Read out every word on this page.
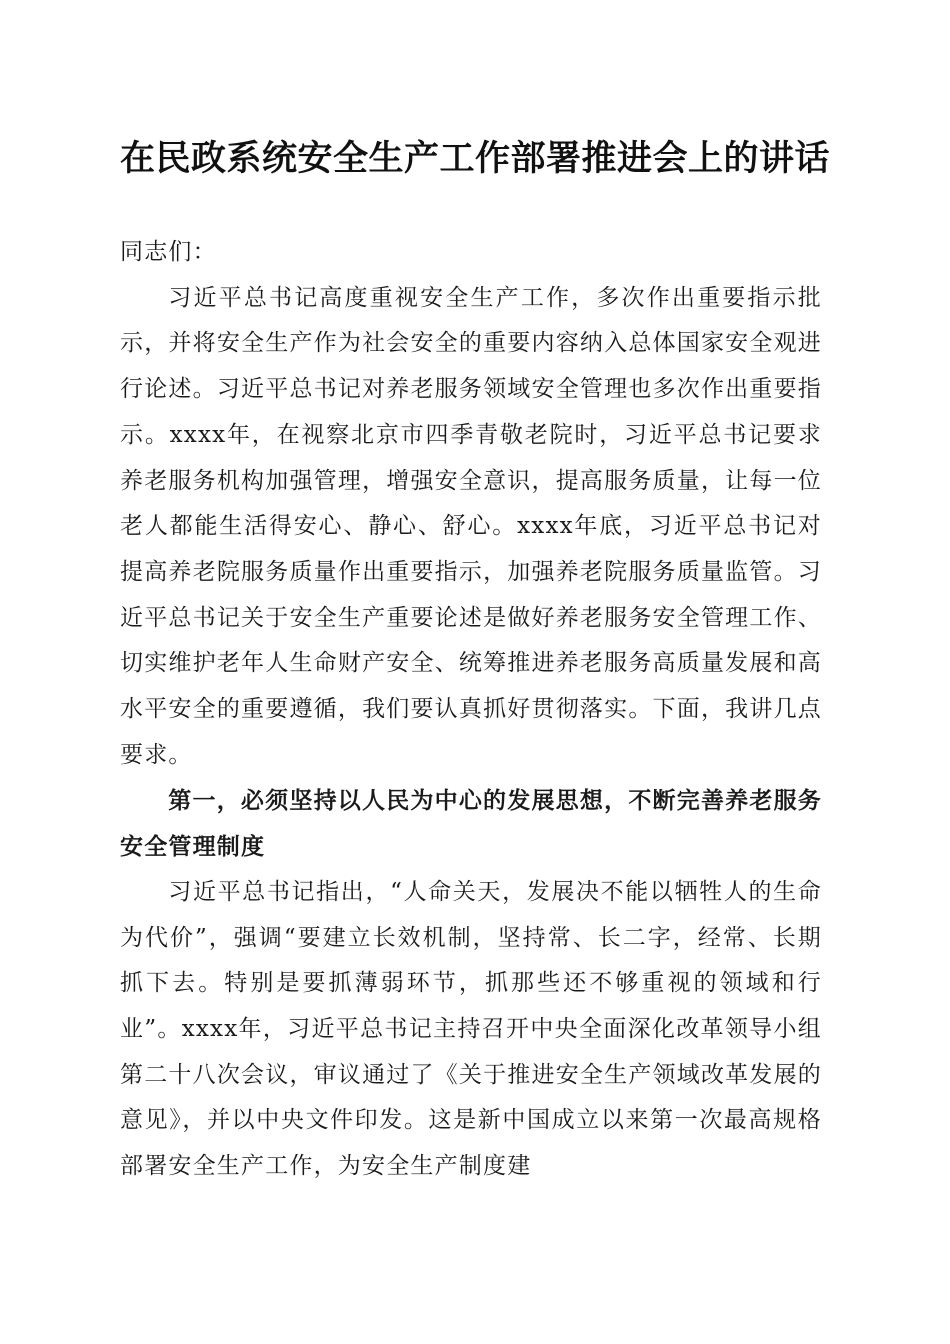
在民政系统安全生产工作部署推进会上的讲话

同志们：

习近平总书记高度重视安全生产工作，多次作出重要指示批示，并将安全生产作为社会安全的重要内容纳入总体国家安全观进行论述。习近平总书记对养老服务领域安全管理也多次作出重要指示。xxxx年，在视察北京市四季青敬老院时，习近平总书记要求养老服务机构加强管理，增强安全意识，提高服务质量，让每一位老人都能生活得安心、静心、舒心。xxxx年底，习近平总书记对提高养老院服务质量作出重要指示，加强养老院服务质量监管。习近平总书记关于安全生产重要论述是做好养老服务安全管理工作、切实维护老年人生命财产安全、统筹推进养老服务高质量发展和高水平安全的重要遵循，我们要认真抓好贯彻落实。下面，我讲几点要求。

第一，必须坚持以人民为中心的发展思想，不断完善养老服务安全管理制度

习近平总书记指出，“人命关天，发展决不能以牺牲人的生命为代价”，强调“要建立长效机制，坚持常、长二字，经常、长期抓下去。特别是要抓薄弱环节，抓那些还不够重视的领域和行业”。xxxx年，习近平总书记主持召开中央全面深化改革领导小组第二十八次会议，审议通过了《关于推进安全生产领域改革发展的意见》，并以中央文件印发。这是新中国成立以来第一次最高规格部署安全生产工作，为安全生产制度建
